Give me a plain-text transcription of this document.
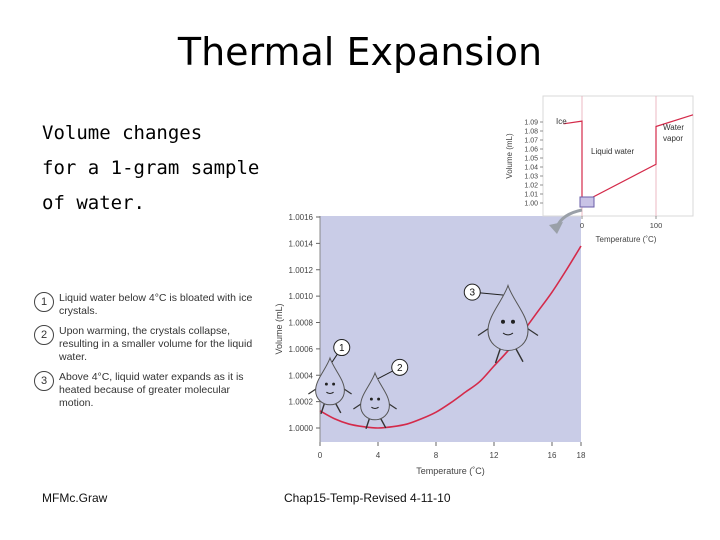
Thermal Expansion
Volume changes
for a 1-gram sample
of water.
1	Liquid water below 4°C is bloated with ice crystals.
2	Upon warming, the crystals collapse, resulting in a smaller volume for the liquid water.
3	Above 4°C, liquid water expands as it is heated because of greater molecular motion.
1.0000
1.0002
1.0004
1.0006
1.0008
1.0010
1.0012
1.0014
1.0016
0	4	8	12	16	18
Temperature (˚C)
Volume (mL)	1
2
3
1.00
1.01
1.02
1.03
1.04
1.05
1.06
1.07
1.08
1.09
0	100
Ice
Liquid water
Water
vapor
Temperature (˚C)
Volume (mL)
MFMc.Graw	Chap15-Temp-Revised 4-11-10
